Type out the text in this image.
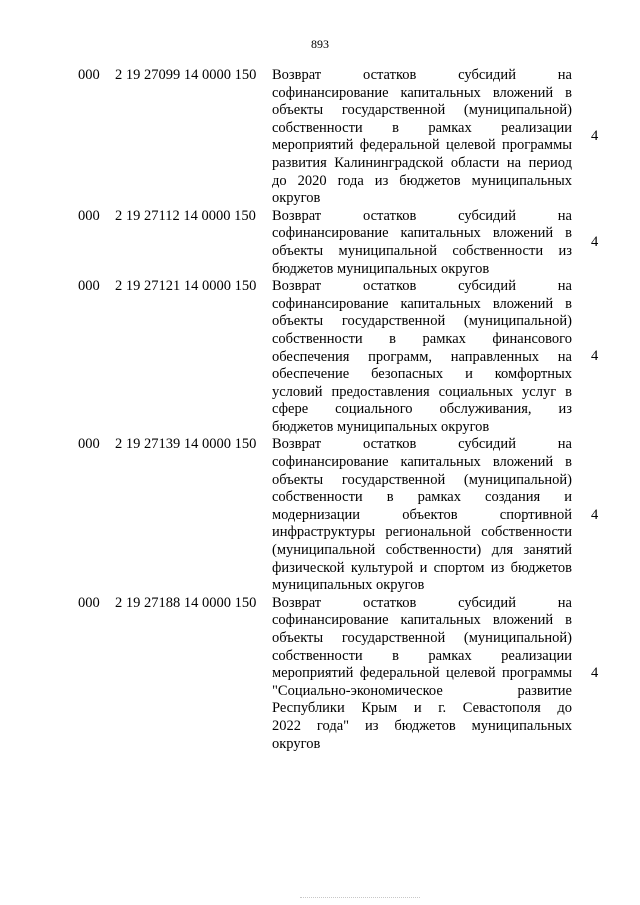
893
000 2 19 27099 14 0000 150 Возврат остатков субсидий на
софинансирование капитальных вложений в
объекты государственной (муниципальной)
собственности в рамках реализации
мероприятий федеральной целевой программы
развития Калининградской области на период
до 2020 года из бюджетов муниципальных
округов
4
000 2 19 27112 14 0000 150 Возврат остатков субсидий на
софинансирование капитальных вложений в
объекты муниципальной собственности из
бюджетов муниципальных округов
4
000 2 19 27121 14 0000 150 Возврат остатков субсидий на
софинансирование капитальных вложений в
объекты государственной (муниципальной)
собственности в рамках финансового
обеспечения программ, направленных на
обеспечение безопасных и комфортных
условий предоставления социальных услуг в
сфере социального обслуживания, из
бюджетов муниципальных округов
4
000 2 19 27139 14 0000 150 Возврат остатков субсидий на
софинансирование капитальных вложений в
объекты государственной (муниципальной)
собственности в рамках создания и
модернизации объектов спортивной
инфраструктуры региональной собственности
(муниципальной собственности) для занятий
физической культурой и спортом из бюджетов
муниципальных округов
4
000 2 19 27188 14 0000 150 Возврат остатков субсидий на
софинансирование капитальных вложений в
объекты государственной (муниципальной)
собственности в рамках реализации
мероприятий федеральной целевой программы
"Социально-экономическое развитие
Республики Крым и г. Севастополя до
2022 года" из бюджетов муниципальных
округов
4
